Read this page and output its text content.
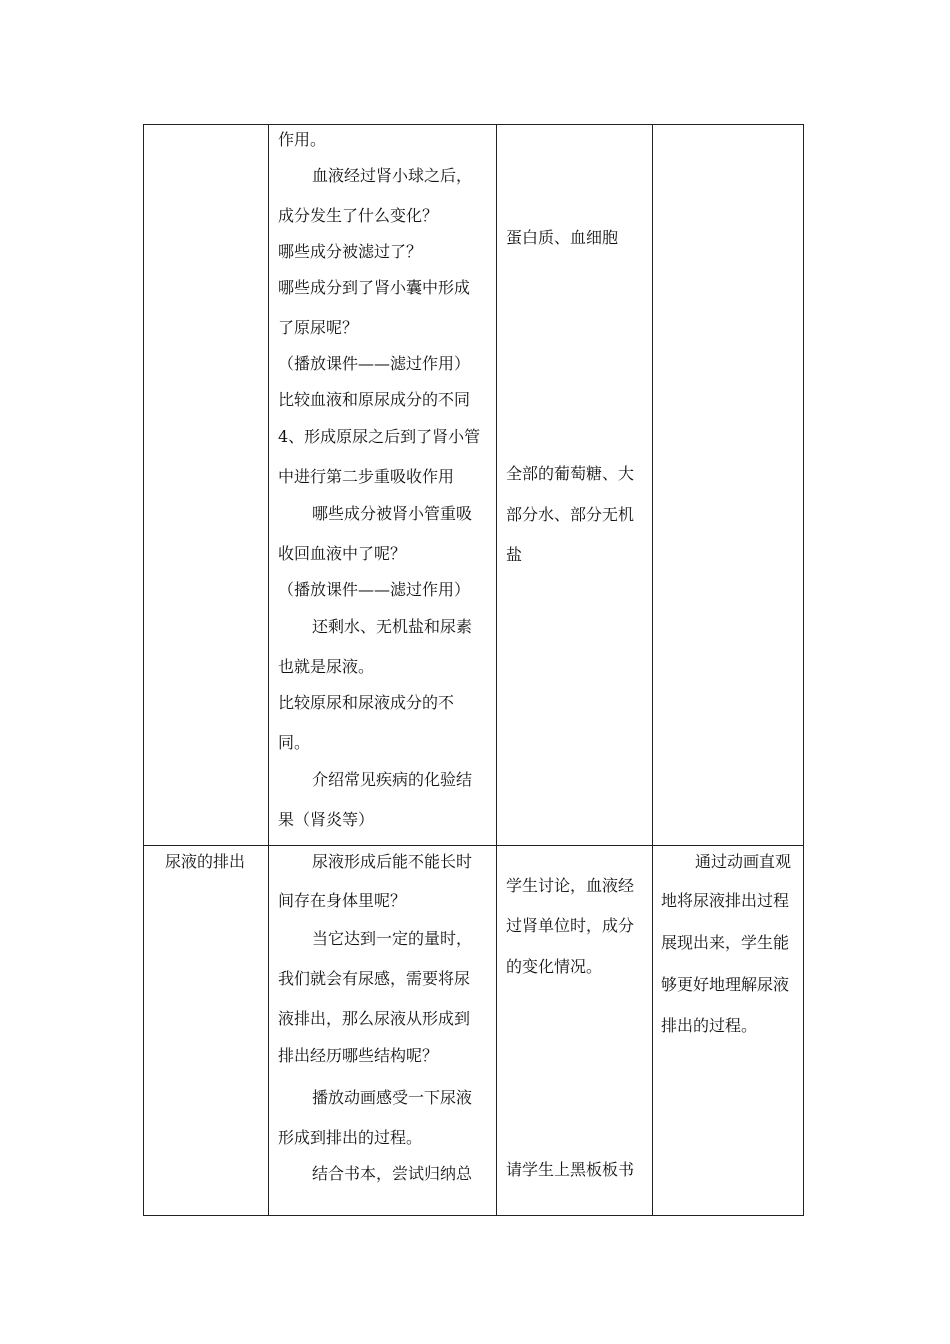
作用。
血液经过肾小球之后，
成分发生了什么变化？
哪些成分被滤过了？
哪些成分到了肾小囊中形成
了原尿呢？
（播放课件——滤过作用）
比较血液和原尿成分的不同
4、形成原尿之后到了肾小管
中进行第二步重吸收作用
哪些成分被肾小管重吸
收回血液中了呢？
（播放课件——滤过作用）
还剩水、无机盐和尿素
也就是尿液。
比较原尿和尿液成分的不
同。
介绍常见疾病的化验结
果（肾炎等）
蛋白质、血细胞
全部的葡萄糖、大
部分水、部分无机
盐
尿液的排出	尿液形成后能不能长时
间存在身体里呢？
当它达到一定的量时，
我们就会有尿感，需要将尿
液排出，那么尿液从形成到
排出经历哪些结构呢？
播放动画感受一下尿液
形成到排出的过程。
结合书本，尝试归纳总
学生讨论，血液经
过肾单位时，成分
的变化情况。
请学生上黑板板书
通过动画直观
地将尿液排出过程
展现出来，学生能
够更好地理解尿液
排出的过程。
